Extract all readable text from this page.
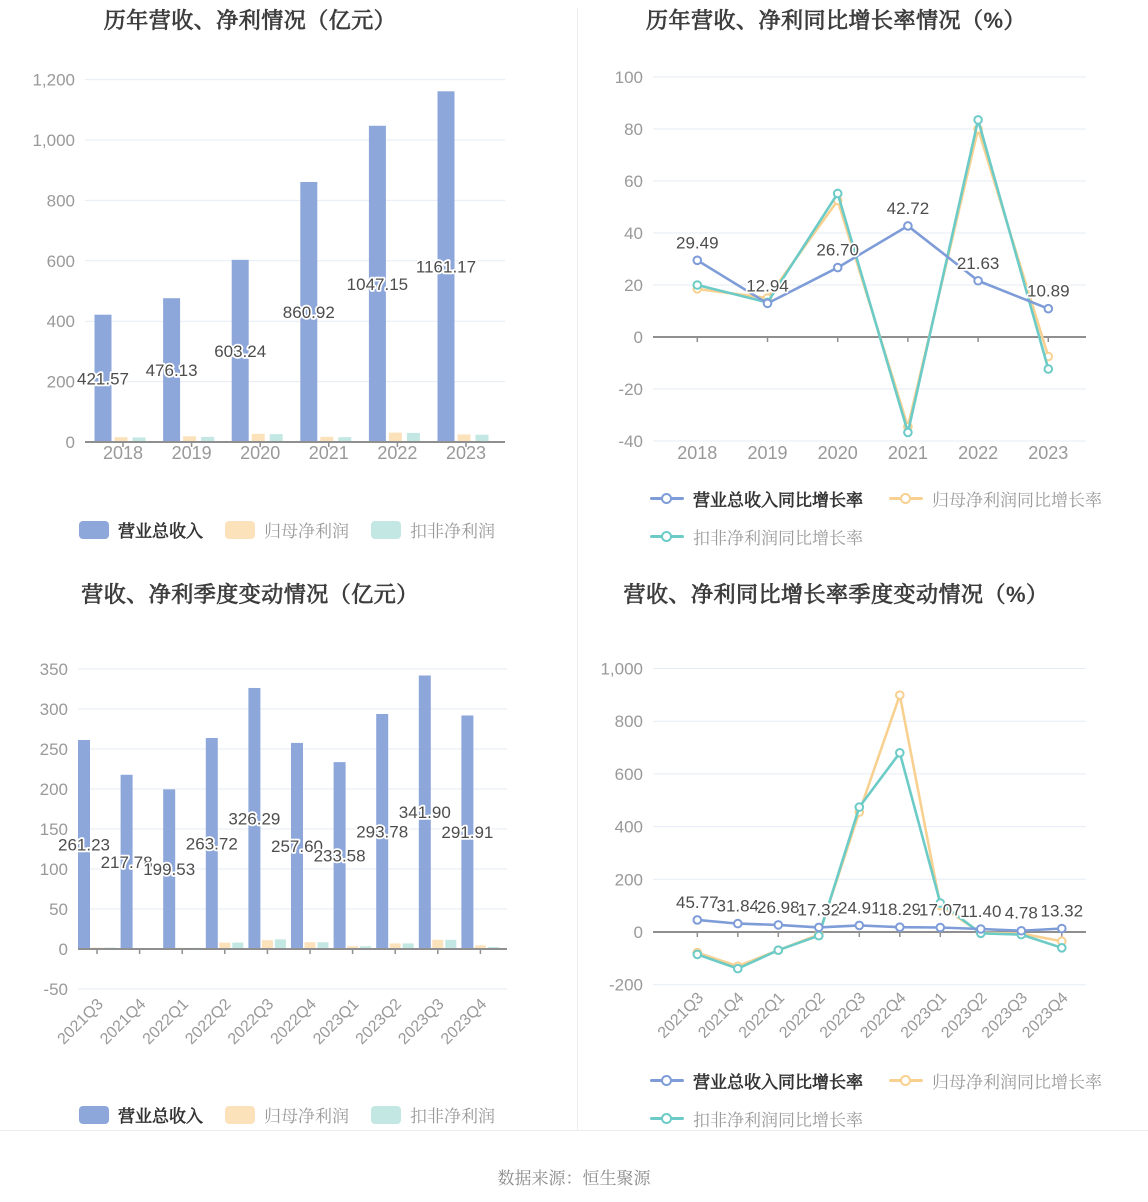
历年营收、净利情况（亿元）
0
200
400
600
800
1,000
1,200
2018 2019 2020 2021 2022 2023
421.57 476.13
603.24
860.92
1047.15
1161.17
营业总收入	归母净利润	扣非净利润
历年营收、净利同比增长率情况（%）
-40
-20
0
20
40
60
80
100
2018 2019 2020 2021 2022 2023
29.49
12.94
26.70
42.72
21.63
10.89
营业总收入同比增长率	归母净利润同比增长率
扣非净利润同比增长率
营收、净利季度变动情况（亿元）
-50
0
50
100
150
200
250
300
350
2021Q3
2021Q4
2022Q1
2022Q2
2022Q3
2022Q4
2023Q1
2023Q2
2023Q3
2023Q4
261.23
217.78
199.53
263.72
326.29
257.60
233.58
293.78
341.90
291.91
营业总收入	归母净利润	扣非净利润
营收、净利同比增长率季度变动情况（%）
-200
0
200
400
600
800
1,000
2021Q3
2021Q4
2022Q1
2022Q2
2022Q3
2022Q4
2023Q1
2023Q2
2023Q3
2023Q4
45.77
31.84
26.98
17.32
24.91
18.29
17.07
11.40 4.78 13.32
营业总收入同比增长率	归母净利润同比增长率
扣非净利润同比增长率
数据来源：恒生聚源
